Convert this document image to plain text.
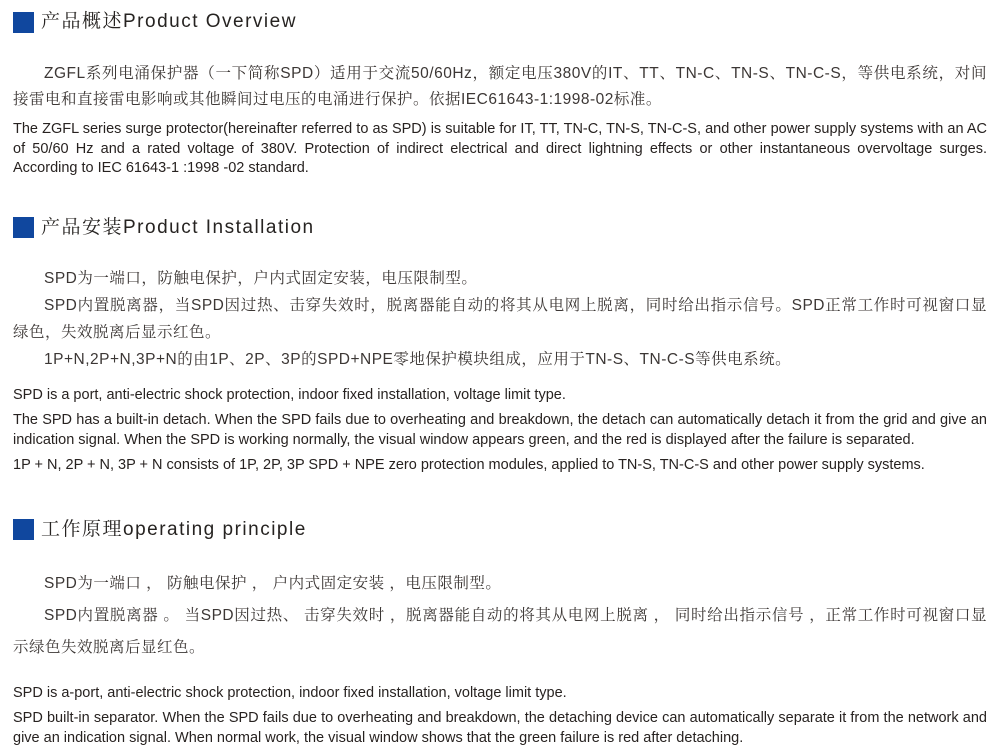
产品概述Product Overview

ZGFL系列电涌保护器（一下简称SPD）适用于交流50/60Hz，额定电压380V的IT、TT、TN-C、TN-S、TN-C-S，等供电系统，对间接雷电和直接雷电影响或其他瞬间过电压的电涌进行保护。依据IEC61643-1:1998-02标准。

The ZGFL series surge protector(hereinafter referred to as SPD) is suitable for IT, TT, TN-C, TN-S, TN-C-S, and other power supply systems with an AC of 50/60 Hz and a rated voltage of 380V. Protection of indirect electrical and direct lightning effects or other instantaneous overvoltage surges. According to IEC 61643-1 :1998 -02 standard.

产品安装Product Installation

SPD为一端口，防触电保护，户内式固定安装，电压限制型。

SPD内置脱离器，当SPD因过热、击穿失效时，脱离器能自动的将其从电网上脱离，同时给出指示信号。SPD正常工作时可视窗口显绿色，失效脱离后显示红色。

1P+N,2P+N,3P+N的由1P、2P、3P的SPD+NPE零地保护模块组成，应用于TN-S、TN-C-S等供电系统。

SPD is a port, anti-electric shock protection, indoor fixed installation, voltage limit type.

The SPD has a built-in detach. When the SPD fails due to overheating and breakdown, the detach can automatically detach it from the grid and give an indication signal. When the SPD is working normally, the visual window appears green, and the red is displayed after the failure is separated.

1P + N, 2P + N, 3P + N consists of 1P, 2P, 3P SPD + NPE zero protection modules, applied to TN-S, TN-C-S and other power supply systems.

工作原理operating principle

SPD为一端口 ， 防触电保护 ， 户内式固定安装 ，电压限制型。

SPD内置脱离器 。 当SPD因过热、 击穿失效时 ，脱离器能自动的将其从电网上脱离 ， 同时给出指示信号 ，正常工作时可视窗口显示绿色失效脱离后显红色。

SPD is a-port, anti-electric shock protection, indoor fixed installation, voltage limit type.

SPD built-in separator. When the SPD fails due to overheating and breakdown, the detaching device can automatically separate it from the network and give an indication signal. When normal work, the visual window shows that the green failure is red after detaching.
